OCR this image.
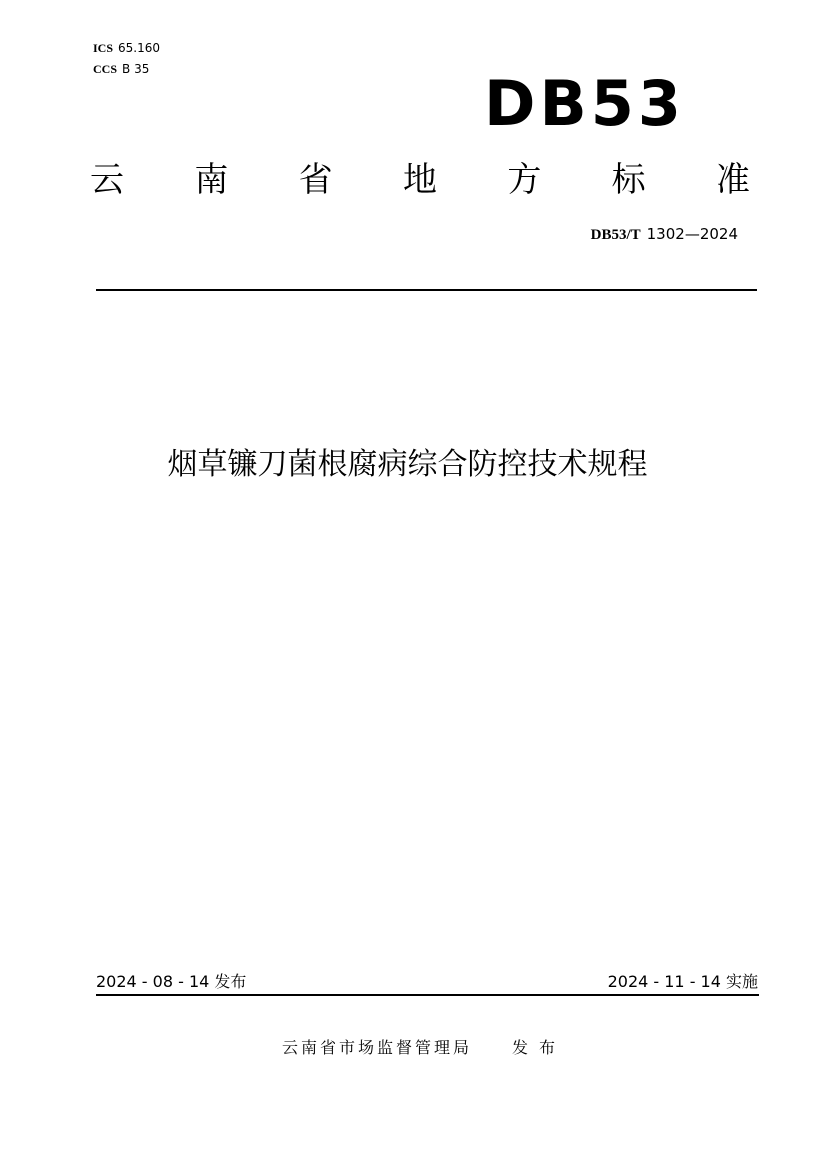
ICS 65.160
CCS B 35	DB53
云 南 省 地 方 标 准
DB53/T 1302—2024
烟草镰刀菌根腐病综合防控技术规程
2024 - 08 - 14 发布	2024 - 11 - 14 实施
云南省市场监督管理局	发 布
